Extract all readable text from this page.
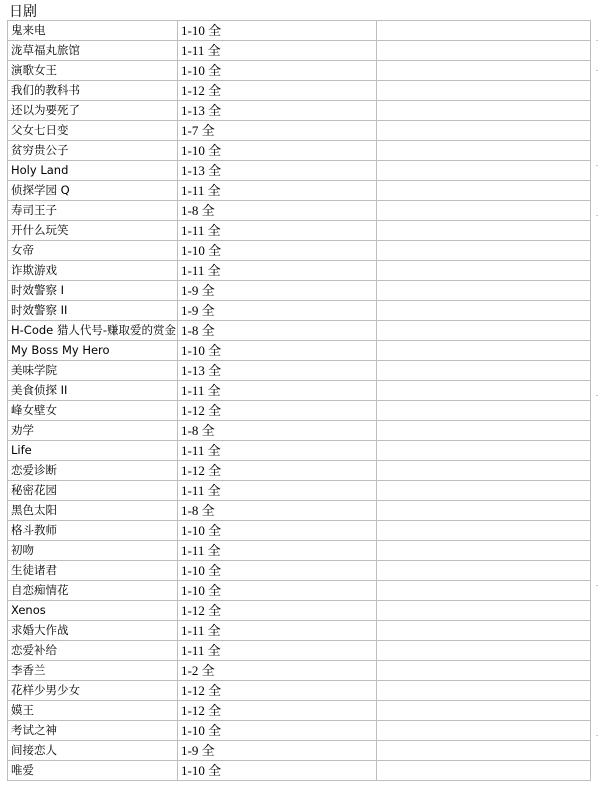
日剧
鬼来电	1-10 全	
泷草福丸旅馆	1-11 全	
演歌女王	1-10 全	
我们的教科书	1-12 全	
还以为要死了	1-13 全	
父女七日变	1-7 全	
贫穷贵公子	1-10 全	
Holy Land	1-13 全	
侦探学园 Q	1-11 全	
寿司王子	1-8 全	
开什么玩笑	1-11 全	
女帝	1-10 全	
诈欺游戏	1-11 全	
时效警察 I	1-9 全	
时效警察 II	1-9 全	
H-Code 猎人代号-赚取爱的赏金	1-8 全	
My Boss My Hero	1-10 全	
美味学院	1-13 全	
美食侦探 II	1-11 全	
峰女壁女	1-12 全	
劝学	1-8 全	
Life	1-11 全	
恋爱诊断	1-12 全	
秘密花园	1-11 全	
黑色太阳	1-8 全	
格斗教师	1-10 全	
初吻	1-11 全	
生徒诸君	1-10 全	
自恋痴情花	1-10 全	
Xenos	1-12 全	
求婚大作战	1-11 全	
恋爱补给	1-11 全	
李香兰	1-2 全	
花样少男少女	1-12 全	
嫫王	1-12 全	
考试之神	1-10 全	
间接恋人	1-9 全	
唯爱	1-10 全	
